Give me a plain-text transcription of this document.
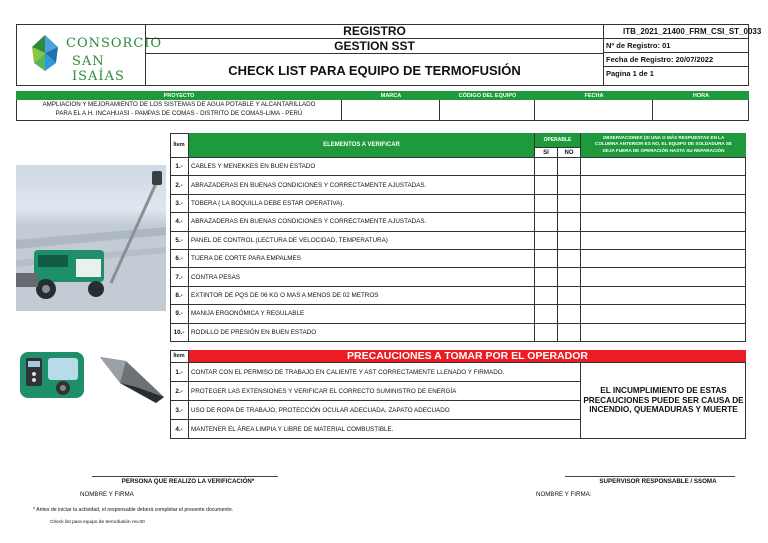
CONSORCIO
SAN ISAÍAS
REGISTRO
GESTION SST
CHECK LIST PARA EQUIPO DE TERMOFUSIÓN
ITB_2021_21400_FRM_CSI_ST_0033
Nº de Registro: 01
Fecha de Registro: 20/07/2022
Pagina 1 de 1
PROYECTO	MARCA	CÓDIGO DEL EQUIPO	FECHA	HORA
AMPLIACION Y MEJORAMIENTO DE LOS SISTEMAS DE AGUA POTABLE Y ALCANTARILLADO
PARA EL A.H. INCAHUASI - PAMPAS DE COMAS - DISTRITO DE COMAS-LIMA - PERÚ
Ítem	ELEMENTOS A VERIFICAR
OPERABLE
SI	NO
OBSERVACIONES (SI UNA O MÁS RESPUESTAS EN LA
COLUMNA ANTERIOR ES NO, EL EQUIPO DE SOLDADURA SE
DEJA FUERA DE OPERACIÓN HASTA SU REPARACIÓN
1.-	CABLES Y MENEKKES EN BUEN ESTADO
2.-	ABRAZADERAS EN BUENAS CONDICIONES Y CORRECTAMENTE AJUSTADAS.
3.-	TOBERA ( LA BOQUILLA DEBE ESTAR OPERATIVA).
4.-	ABRAZADERAS EN BUENAS CONDICIONES Y CORRECTAMENTE AJUSTADAS.
5.-	PANEL DE CONTROL (LECTURA DE VELOCIDAD, TEMPERATURA)
6.-	TIJERA DE CORTE PARA EMPALMES
7.-	CONTRA PESAS
8.-	EXTINTOR DE PQS DE 06 KG O MAS A MENOS DE 02 METROS
9.-	MANIJA ERGONÓMICA Y REGULABLE
10.-	RODILLO DE PRESIÓN EN BUEN ESTADO
Ítem	PRECAUCIONES A TOMAR POR EL OPERADOR
1.-	CONTAR CON EL PERMISO DE TRABAJO EN CALIENTE Y AST CORRECTAMENTE LLENADO Y FIRMADO.
2.-	PROTEGER LAS EXTENSIONES Y VERIFICAR EL CORRECTO SUMINISTRO DE ENERGÍA
3.-	USO DE ROPA DE TRABAJO, PROTECCIÓN OCULAR ADECUADA, ZAPATO ADECUADO
4.-	MANTENER EL ÁREA LIMPIA Y LIBRE DE MATERIAL COMBUSTIBLE.
EL INCUMPLIMIENTO DE ESTAS
PRECAUCIONES PUEDE SER CAUSA DE
INCENDIO, QUEMADURAS Y MUERTE
PERSONA QUE REALIZO LA VERIFICACIÓN*
NOMBRE Y FIRMA
SUPERVISOR RESPONSABLE / SSOMA
NOMBRE Y FIRMA:
* Antes de iniciar la actividad, el responsable deberá completar el presente documento.
Check list para equipo de termofusión rev.00
